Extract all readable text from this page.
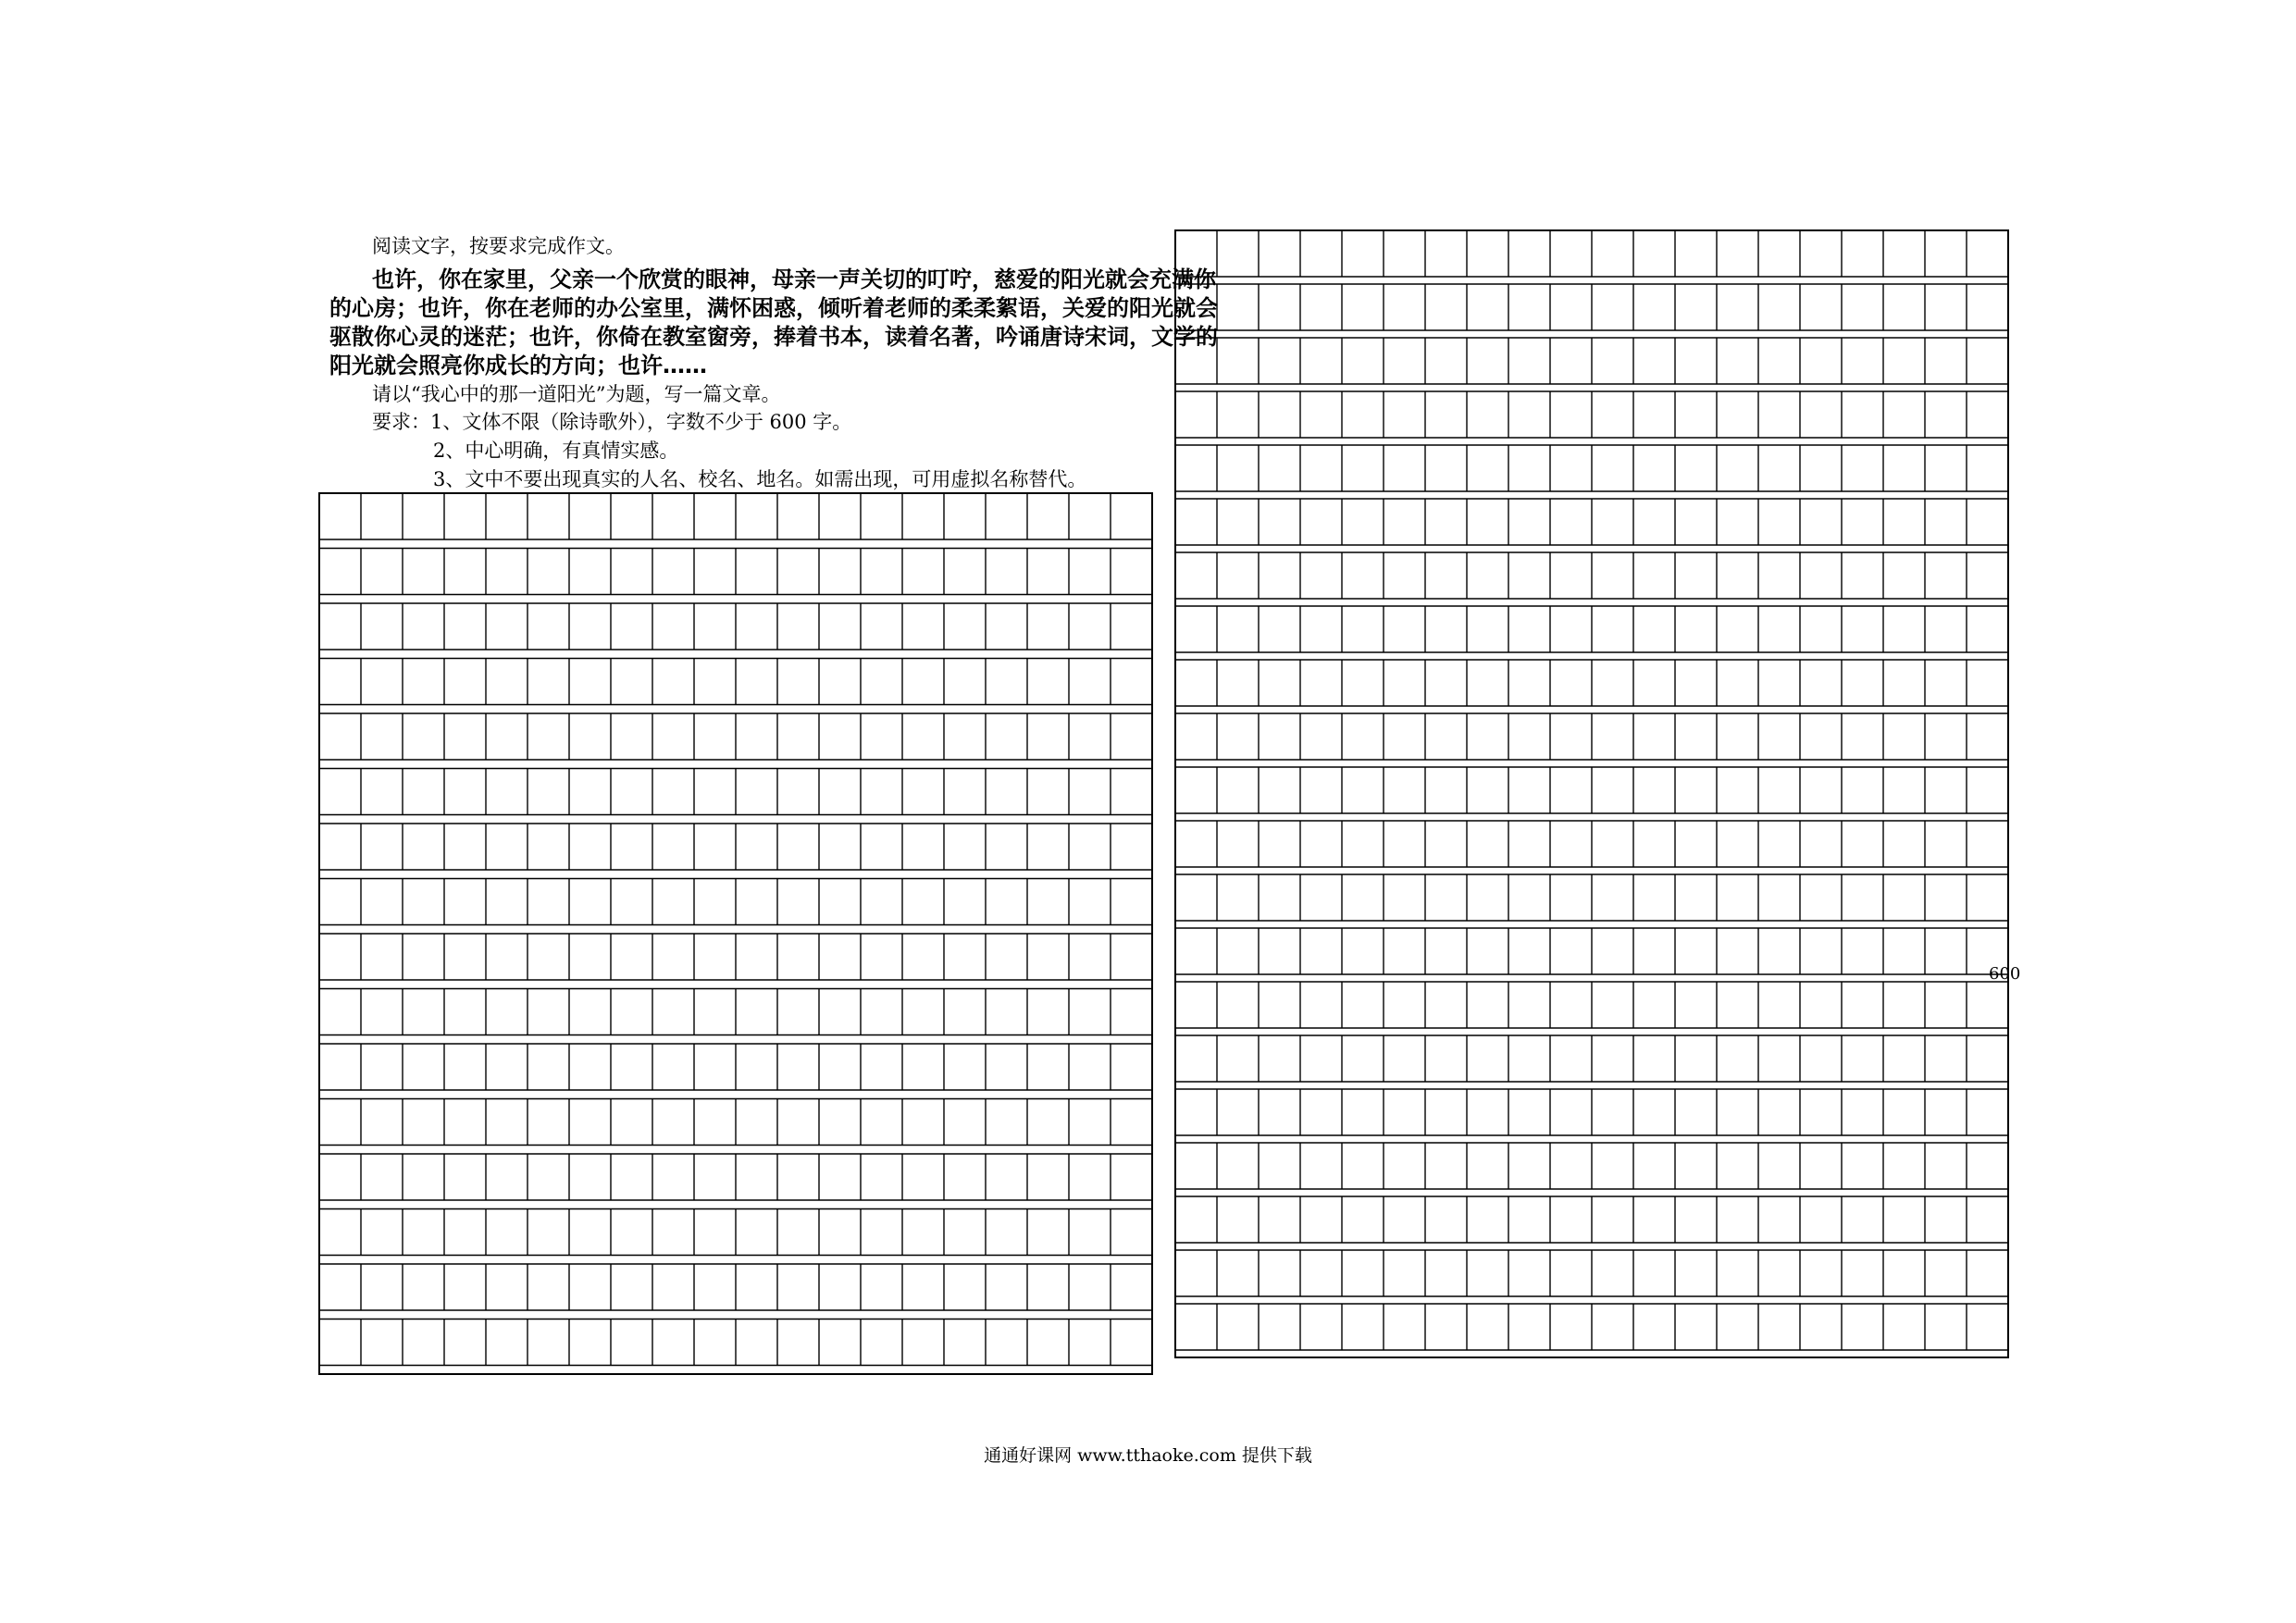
阅读文字，按要求完成作文。
也许，你在家里，父亲一个欣赏的眼神，母亲一声关切的叮咛，慈爱的阳光就会充满你
的心房；也许，你在老师的办公室里，满怀困惑，倾听着老师的柔柔絮语，关爱的阳光就会
驱散你心灵的迷茫；也许，你倚在教室窗旁，捧着书本，读着名著，吟诵唐诗宋词，文学的
阳光就会照亮你成长的方向；也许……
请以“我心中的那一道阳光”为题，写一篇文章。
要求：1、文体不限（除诗歌外），字数不少于 600 字。
2、中心明确，有真情实感。
3、文中不要出现真实的人名、校名、地名。如需出现，可用虚拟名称替代。
600
通通好课网 www.tthaoke.com 提供下载
